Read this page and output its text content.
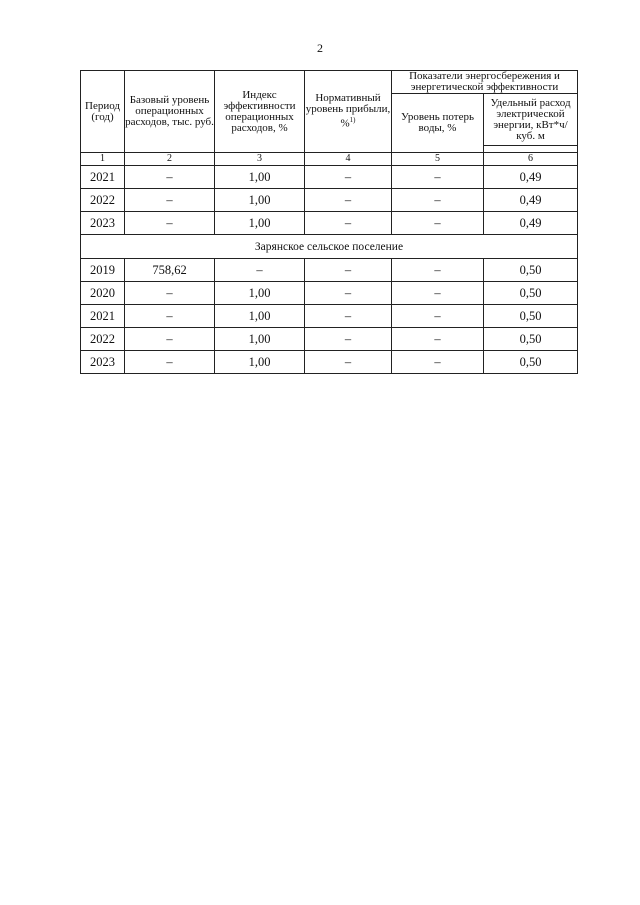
2
Период (год)	Базовый уровень операционных расходов, тыс. руб.	Индекс эффективности операционных расходов, %	Нормативный уровень прибыли, %$^{1)}$	Показатели энергосбережения и энергетической эффективности	
				Уровень потерь воды, %	Удельный расход электрической энергии, кВт*ч/куб. м

1	2	3	4	5	6
2021	–	1,00	–	–	0,49
2022	–	1,00	–	–	0,49
2023	–	1,00	–	–	0,49
Зарянское сельское поселение					
2019	758,62	–	–	–	0,50
2020	–	1,00	–	–	0,50
2021	–	1,00	–	–	0,50
2022	–	1,00	–	–	0,50
2023	–	1,00	–	–	0,50
